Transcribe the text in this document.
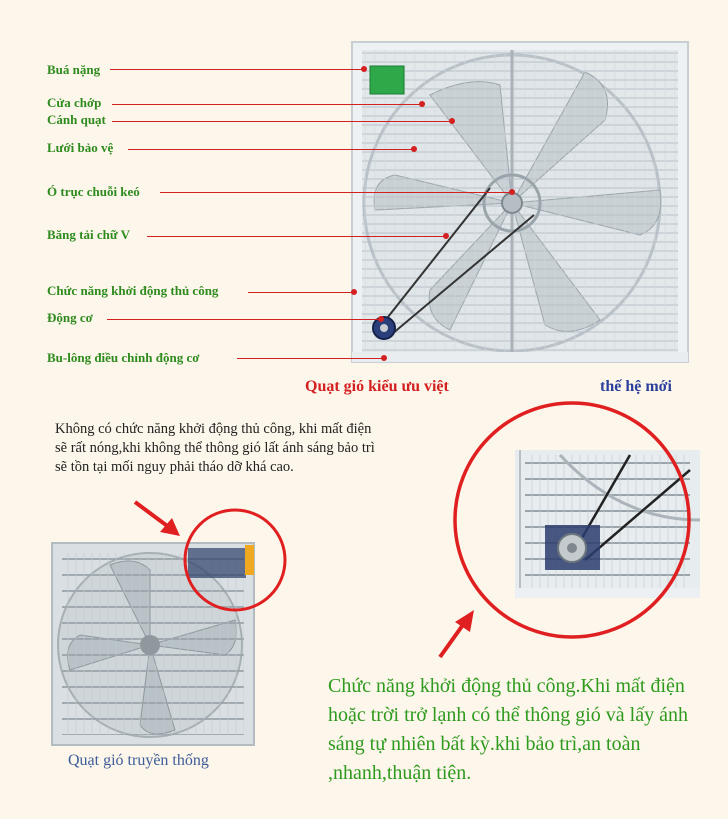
Buá nặng
Cửa chớp
Cánh quạt
Lưới bảo vệ
Ó trục chuỗi keó
Băng tải chữ V
Chức năng khởi động thủ công
Động cơ
Bu-lông điều chỉnh động cơ
Quạt gió kiểu ưu việt	thế hệ mới
Không có chức năng khởi động thủ công, khi mất điện sẽ rất nóng,khi không thể thông gió lất ánh sáng bảo trì sẽ tồn tại mối nguy phải tháo dỡ khá cao.
Chức năng khởi động thủ công.Khi mất điện hoặc trời trở lạnh có thể thông gió và lấy ánh sáng tự nhiên bất kỳ.khi bảo trì,an toàn ,nhanh,thuận tiện.
Quạt gió truyền thống
